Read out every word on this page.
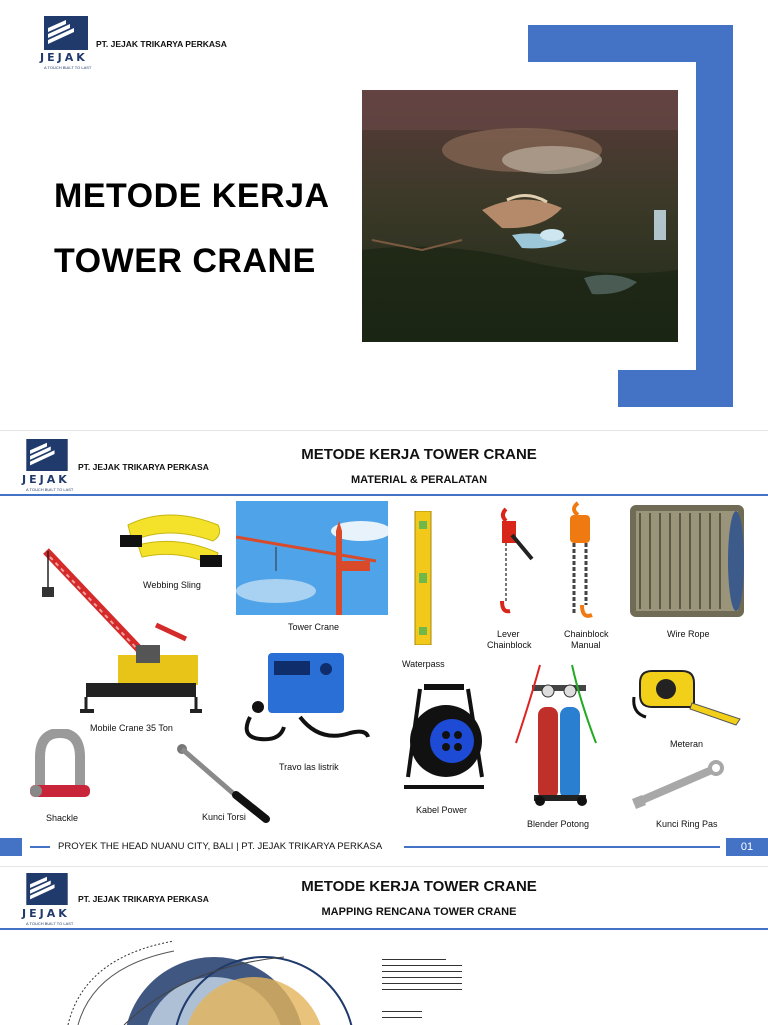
JEJAK
A TOUCH BUILT TO LAST
PT. JEJAK TRIKARYA PERKASA
METODE KERJA
TOWER CRANE
JEJAK
A TOUCH BUILT TO LAST
PT. JEJAK TRIKARYA PERKASA
METODE KERJA TOWER CRANE
MATERIAL & PERALATAN
Webbing Sling
Tower Crane
Waterpass
Lever
Chainblock
Chainblock
Manual
Wire Rope
Mobile Crane 35 Ton
Travo las listrik
Meteran
Kabel Power
Blender Potong
Shackle	Kunci Torsi
Kunci Ring Pas
PROYEK THE HEAD NUANU CITY, BALI | PT. JEJAK TRIKARYA PERKASA	01
JEJAK
A TOUCH BUILT TO LAST
PT. JEJAK TRIKARYA PERKASA
METODE KERJA TOWER CRANE
MAPPING RENCANA TOWER CRANE
